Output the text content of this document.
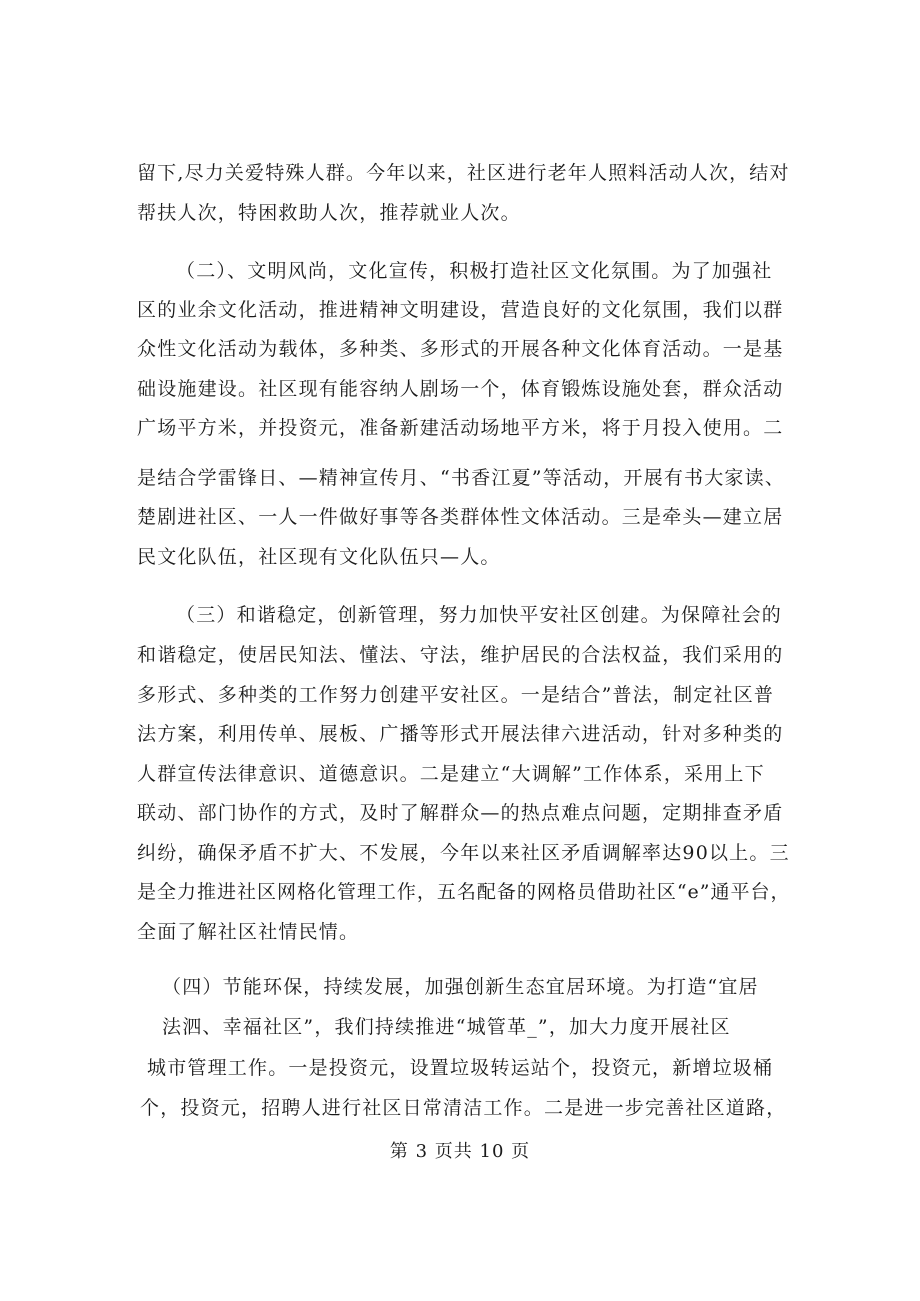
留下,尽力关爱特殊人群。今年以来，社区进行老年人照料活动人次，结对
帮扶人次，特困救助人次，推荐就业人次。
（二）、文明风尚，文化宣传，积极打造社区文化氛围。为了加强社
区的业余文化活动，推进精神文明建设，营造良好的文化氛围，我们以群
众性文化活动为载体，多种类、多形式的开展各种文化体育活动。一是基
础设施建设。社区现有能容纳人剧场一个，体育锻炼设施处套，群众活动
广场平方米，并投资元，准备新建活动场地平方米，将于月投入使用。二
是结合学雷锋日、—精神宣传月、“书香江夏”等活动，开展有书大家读、
楚剧进社区、一人一件做好事等各类群体性文体活动。三是牵头—建立居
民文化队伍，社区现有文化队伍只—人。
（三）和谐稳定，创新管理，努力加快平安社区创建。为保障社会的
和谐稳定，使居民知法、懂法、守法，维护居民的合法权益，我们采用的
多形式、多种类的工作努力创建平安社区。一是结合”普法，制定社区普
法方案，利用传单、展板、广播等形式开展法律六进活动，针对多种类的
人群宣传法律意识、道德意识。二是建立“大调解”工作体系，采用上下
联动、部门协作的方式，及时了解群众—的热点难点问题，定期排查矛盾
纠纷，确保矛盾不扩大、不发展，今年以来社区矛盾调解率达90以上。三
是全力推进社区网格化管理工作，五名配备的网格员借助社区“e”通平台，
全面了解社区社情民情。
（四）节能环保，持续发展，加强创新生态宜居环境。为打造“宜居
法泗、幸福社区”，我们持续推进“城管革_”，加大力度开展社区
城市管理工作。一是投资元，设置垃圾转运站个，投资元，新增垃圾桶
个，投资元，招聘人进行社区日常清洁工作。二是进一步完善社区道路，
第 3 页共 10 页
